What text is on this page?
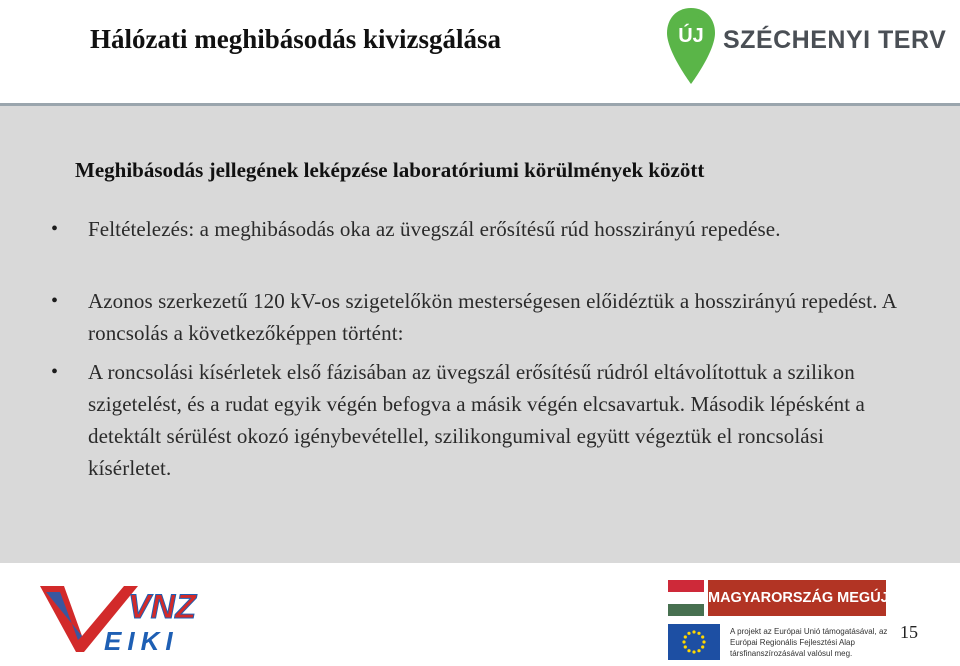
Hálózati meghibásodás kivizsgálása	ÚJ SZÉCHENYI TERV
Meghibásodás jellegének leképzése laboratóriumi körülmények között
• Feltételezés: a meghibásodás oka az üvegszál erősítésű rúd hosszirányú repedése.
• Azonos szerkezetű 120 kV-os szigetelőkön mesterségesen előidéztük a hosszirányú repedést. A roncsolás a következőképpen történt:
• A roncsolási kísérletek első fázisában az üvegszál erősítésű rúdról eltávolítottuk a szilikon szigetelést, és a rudat egyik végén befogva a másik végén elcsavartuk. Második lépésként a detektált sérülést okozó igénybevétellel, szilikongumival együtt végeztük el roncsolási kísérletet.
VNZ
EIKI
MAGYARORSZÁG MEGÚJUL
A projekt az Európai Unió támogatásával, az Európai Regionális Fejlesztési Alap társfinanszírozásával valósul meg.
15
